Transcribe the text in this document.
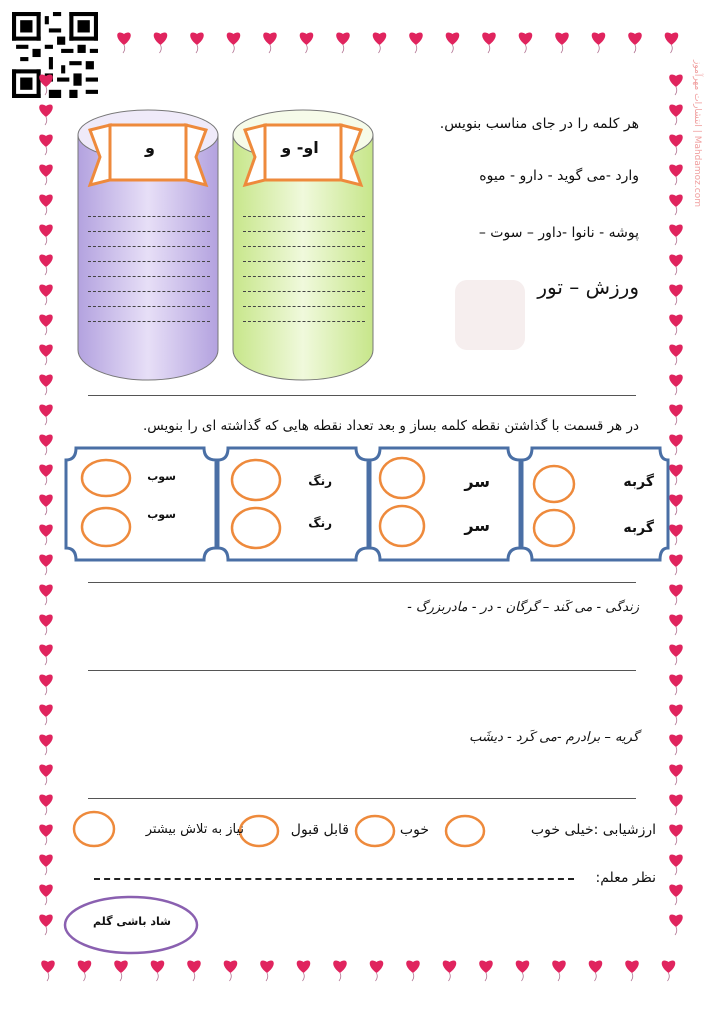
انتشارات مهرآموز | Mahdamoz.com
هر کلمه را در جای مناسب بنویس.
وارد -می گوید - دارو - میوه
پوشه - نانوا -داور – سوت –
ورزش – تور
و	او- و
در هر قسمت با گذاشتن نقطه کلمه بساز و بعد تعداد نقطه هایی که گذاشته ای را بنویس.
گربه
گربه
سر
سر
رنگ
رنگ
سوب
سوب
زندگی - می کَند – گرگان - در - مادربزرگ -
گریه – برادرم -می کَرد - دیشَب
ارزشیابی :خیلی خوب
خوب
قابل قبول
نیاز به تلاش بیشتر
نظر معلم:
شاد باشی گلم
